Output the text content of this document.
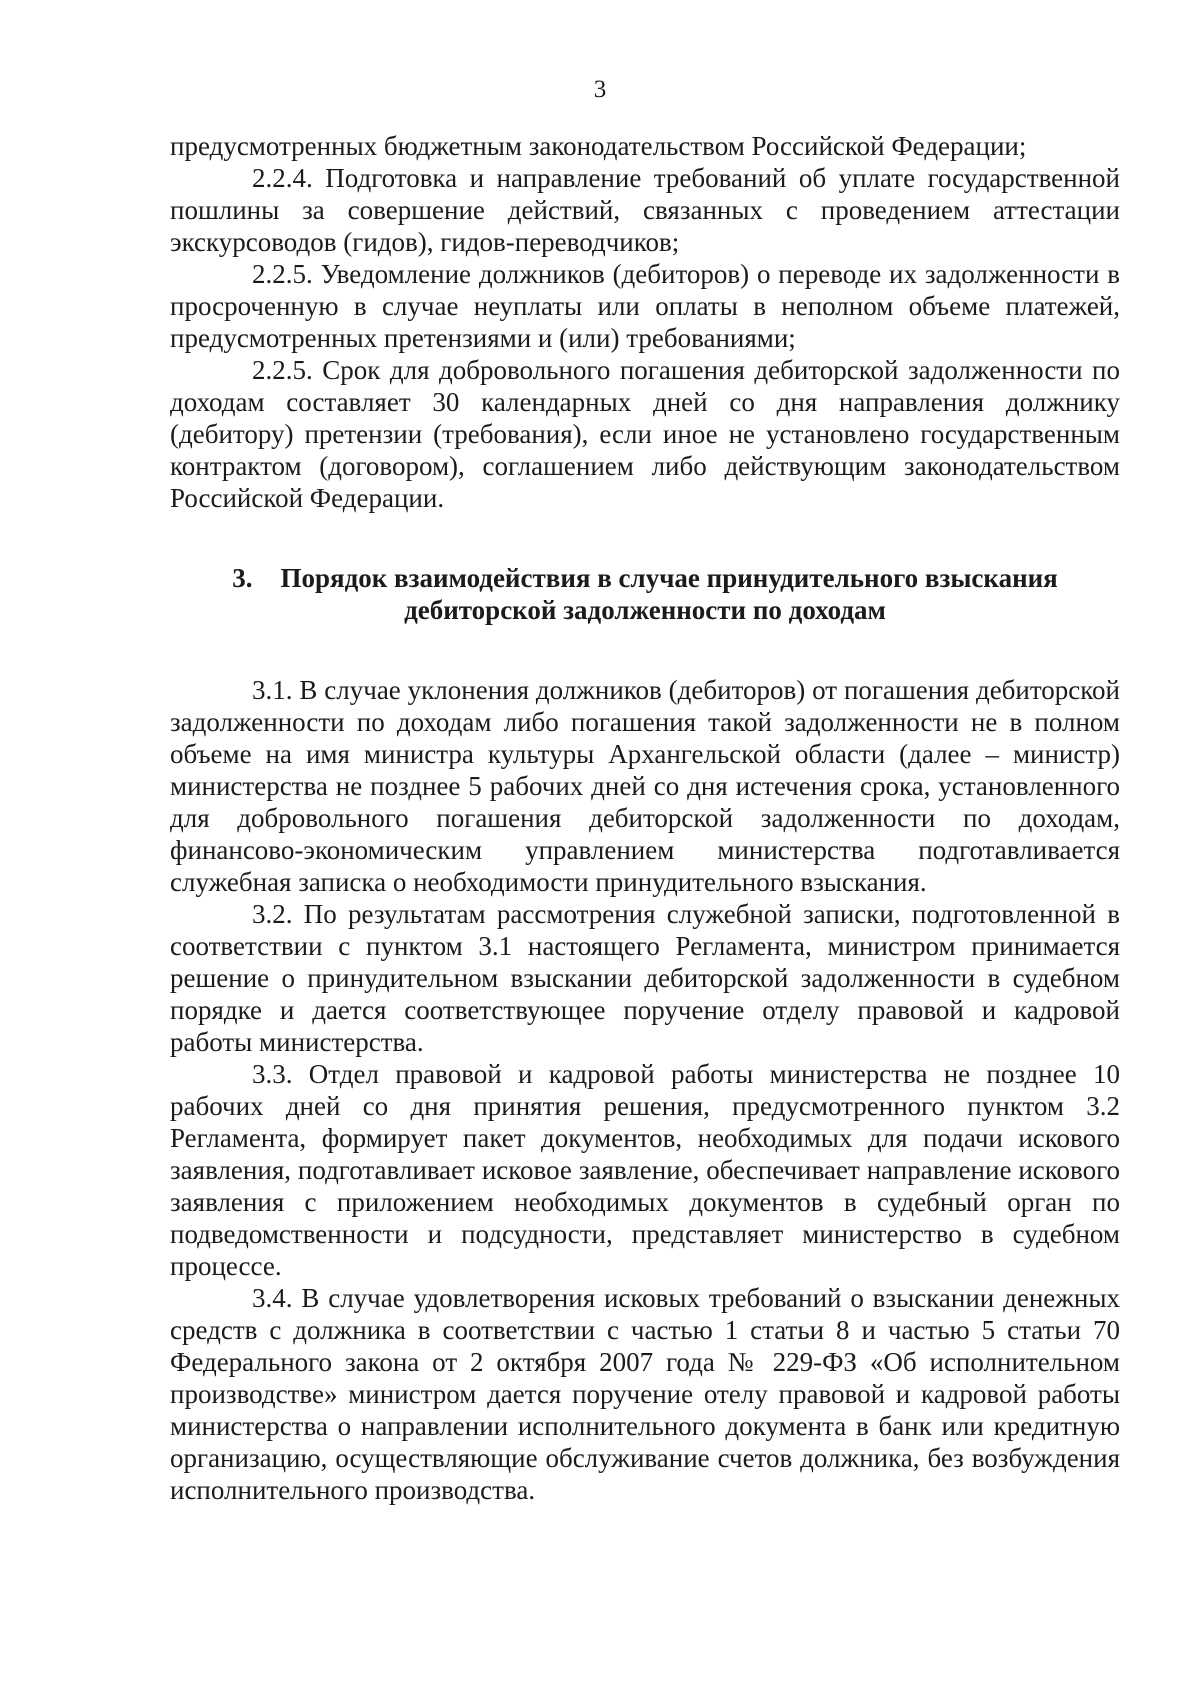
3

предусмотренных бюджетным законодательством Российской Федерации;

2.2.4. Подготовка и направление требований об уплате государственной пошлины за совершение действий, связанных с проведением аттестации экскурсоводов (гидов), гидов-переводчиков;

2.2.5. Уведомление должников (дебиторов) о переводе их задолженности в просроченную в случае неуплаты или оплаты в неполном объеме платежей, предусмотренных претензиями и (или) требованиями;

2.2.5. Срок для добровольного погашения дебиторской задолженности по доходам составляет 30 календарных дней со дня направления должнику (дебитору) претензии (требования), если иное не установлено государственным контрактом (договором), соглашением либо действующим законодательством Российской Федерации.

3. Порядок взаимодействия в случае принудительного взыскания
дебиторской задолженности по доходам

3.1. В случае уклонения должников (дебиторов) от погашения дебиторской задолженности по доходам либо погашения такой задолженности не в полном объеме на имя министра культуры Архангельской области (далее – министр) министерства не позднее 5 рабочих дней со дня истечения срока, установленного для добровольного погашения дебиторской задолженности по доходам, финансово-экономическим управлением министерства подготавливается служебная записка о необходимости принудительного взыскания.

3.2. По результатам рассмотрения служебной записки, подготовленной в соответствии с пунктом 3.1 настоящего Регламента, министром принимается решение о принудительном взыскании дебиторской задолженности в судебном порядке и дается соответствующее поручение отделу правовой и кадровой работы министерства.

3.3. Отдел правовой и кадровой работы министерства не позднее 10 рабочих дней со дня принятия решения, предусмотренного пунктом 3.2 Регламента, формирует пакет документов, необходимых для подачи искового заявления, подготавливает исковое заявление, обеспечивает направление искового заявления с приложением необходимых документов в судебный орган по подведомственности и подсудности, представляет министерство в судебном процессе.

3.4. В случае удовлетворения исковых требований о взыскании денежных средств с должника в соответствии с частью 1 статьи 8 и частью 5 статьи 70 Федерального закона от 2 октября 2007 года № 229-ФЗ «Об исполнительном производстве» министром дается поручение отелу правовой и кадровой работы министерства о направлении исполнительного документа в банк или кредитную организацию, осуществляющие обслуживание счетов должника, без возбуждения исполнительного производства.
